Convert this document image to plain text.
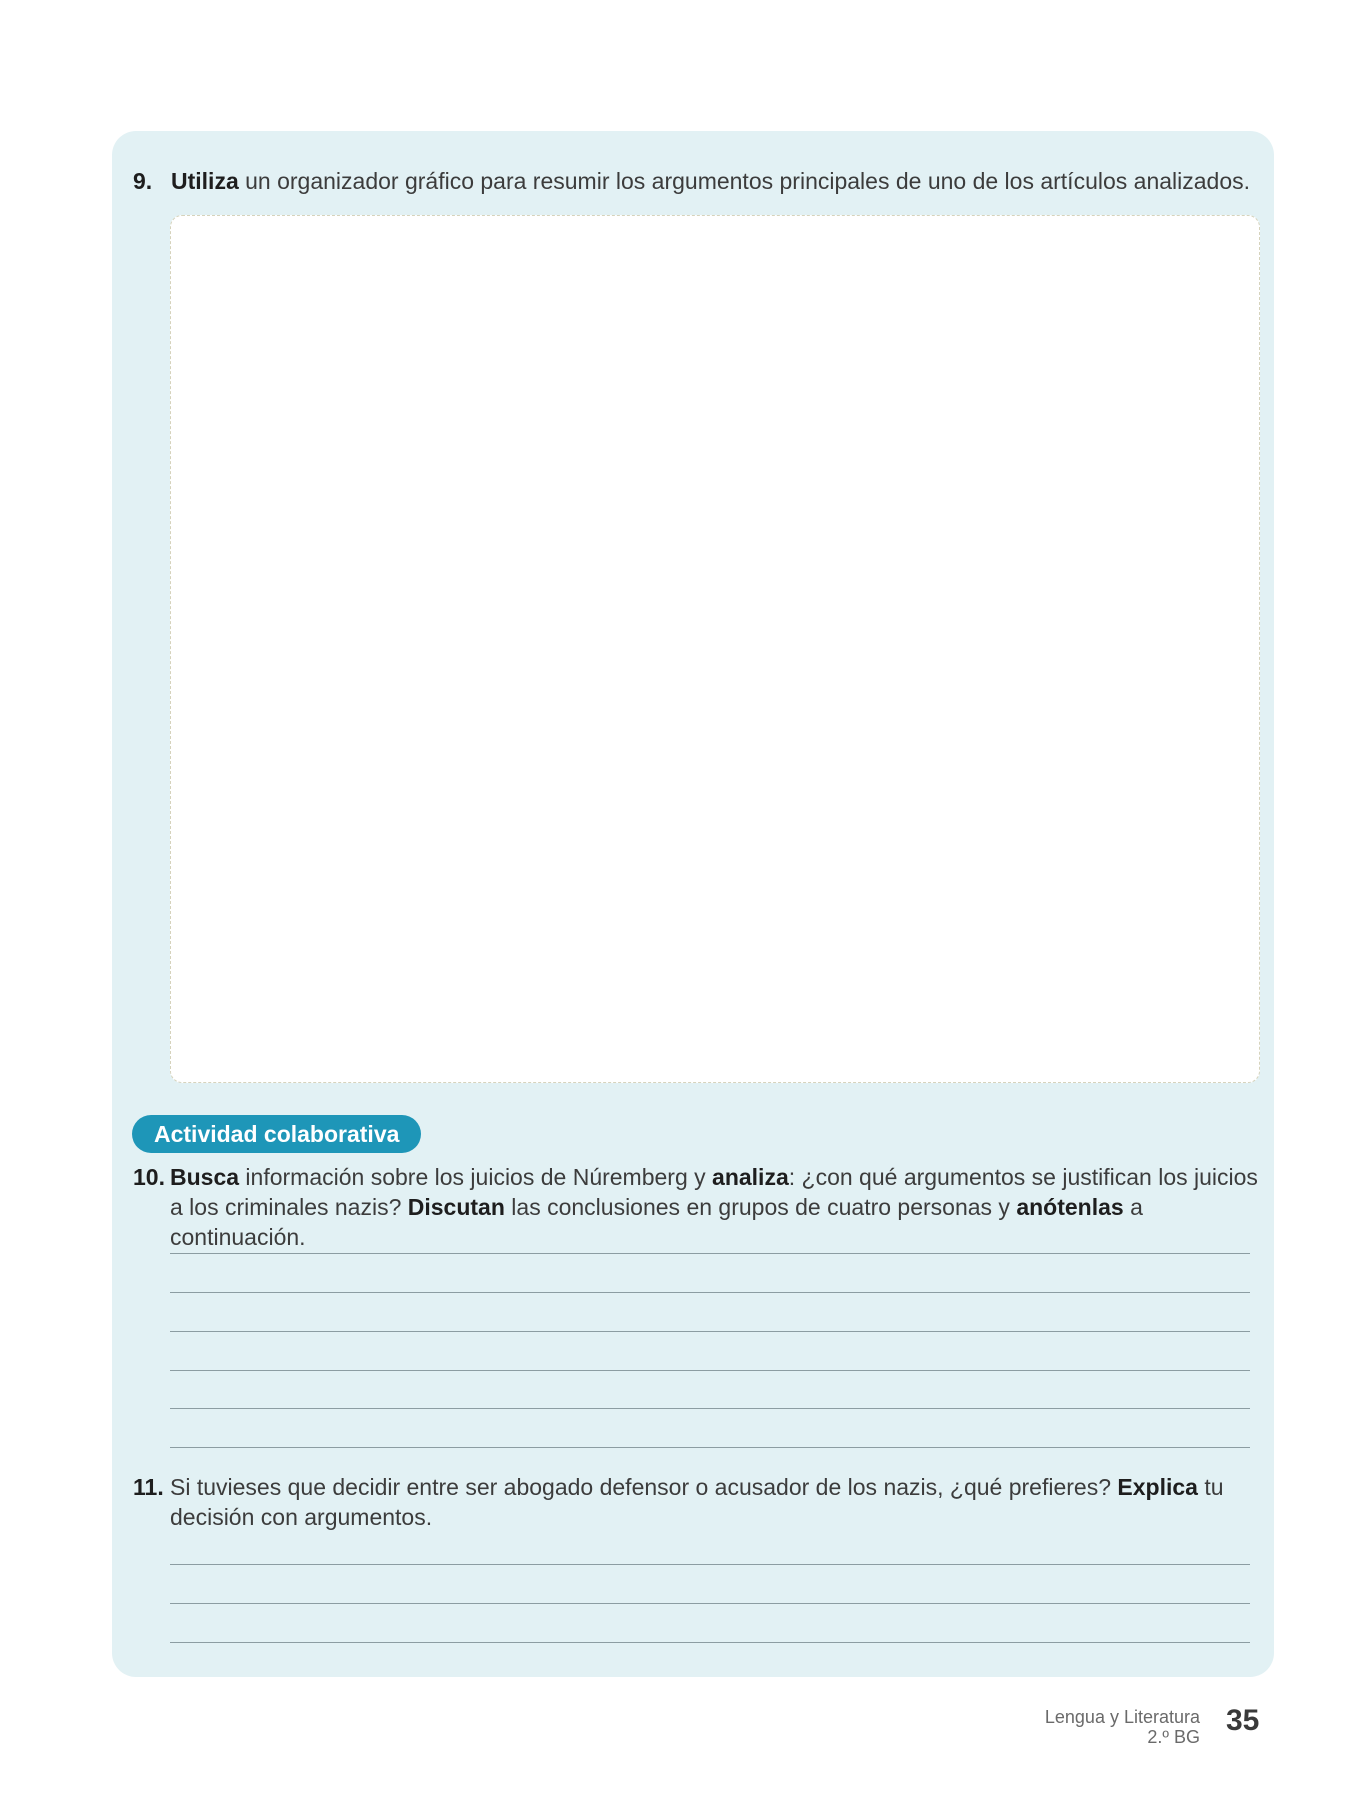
9. Utiliza un organizador gráfico para resumir los argumentos principales de uno de los artículos analizados.
Actividad colaborativa
10. Busca información sobre los juicios de Núremberg y analiza: ¿con qué argumentos se justifican los juicios a los criminales nazis? Discutan las conclusiones en grupos de cuatro personas y anótenlas a continuación.
11. Si tuvieses que decidir entre ser abogado defensor o acusador de los nazis, ¿qué prefieres? Explica tu decisión con argumentos.
Lengua y Literatura
2.º BG 35
